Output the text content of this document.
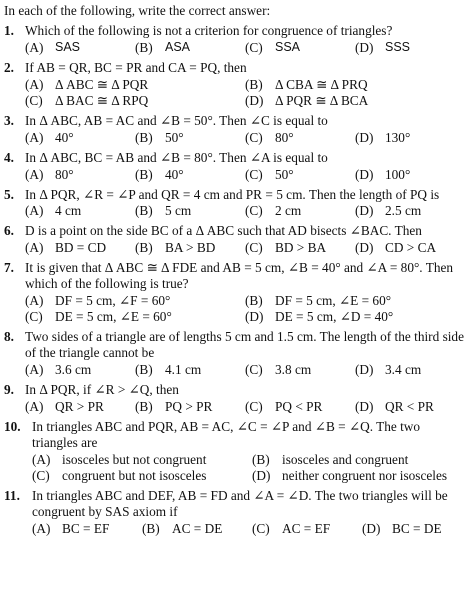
In each of the following, write the correct answer:
1. Which of the following is not a criterion for congruence of triangles?
(A) SAS	(B) ASA	(C) SSA	(D) SSS
2. If AB = QR, BC = PR and CA = PQ, then
(A) Δ ABC ≅ Δ PQR	(B) Δ CBA ≅ Δ PRQ
(C) Δ BAC ≅ Δ RPQ	(D) Δ PQR ≅ Δ BCA
3. In Δ ABC, AB = AC and ∠B = 50°. Then ∠C is equal to
(A) 40°	(B) 50°	(C) 80°	(D) 130°
4. In Δ ABC, BC = AB and ∠B = 80°. Then ∠A is equal to
(A) 80°	(B) 40°	(C) 50°	(D) 100°
5. In Δ PQR, ∠R = ∠P and QR = 4 cm and PR = 5 cm. Then the length of PQ is
(A) 4 cm	(B) 5 cm	(C) 2 cm	(D) 2.5 cm
6. D is a point on the side BC of a Δ ABC such that AD bisects ∠BAC. Then
(A) BD = CD (B) BA > BD (C) BD > BA (D) CD > CA
7. It is given that Δ ABC ≅ Δ FDE and AB = 5 cm, ∠B = 40° and ∠A = 80°. Then which of the following is true?
(A) DF = 5 cm, ∠F = 60°	(B) DF = 5 cm, ∠E = 60°
(C) DE = 5 cm, ∠E = 60°	(D) DE = 5 cm, ∠D = 40°
8. Two sides of a triangle are of lengths 5 cm and 1.5 cm. The length of the third side of the triangle cannot be
(A) 3.6 cm	(B) 4.1 cm	(C) 3.8 cm	(D) 3.4 cm
9. In Δ PQR, if ∠R > ∠Q, then
(A) QR > PR (B) PQ > PR (C) PQ < PR (D) QR < PR
10. In triangles ABC and PQR, AB = AC, ∠C = ∠P and ∠B = ∠Q. The two triangles are
(A) isosceles but not congruent	(B) isosceles and congruent
(C) congruent but not isosceles	(D) neither congruent nor isosceles
11. In triangles ABC and DEF, AB = FD and ∠A = ∠D. The two triangles will be congruent by SAS axiom if
(A) BC = EF (B) AC = DE (C) AC = EF (D) BC = DE
